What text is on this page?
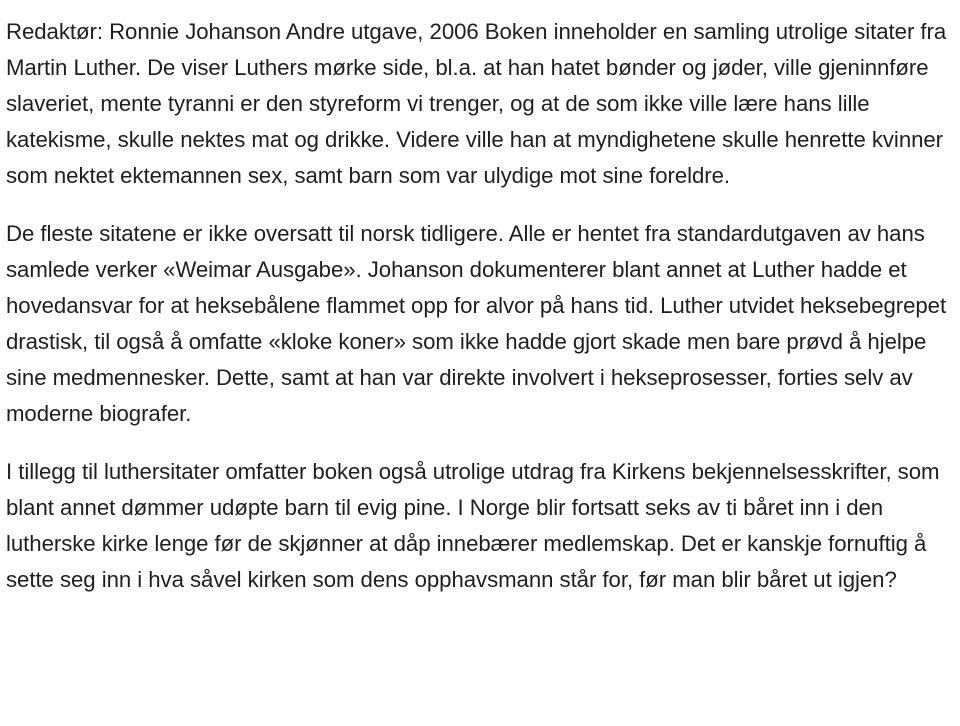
Redaktør: Ronnie Johanson Andre utgave, 2006 Boken inneholder en samling utrolige sitater fra Martin Luther. De viser Luthers mørke side, bl.a. at han hatet bønder og jøder, ville gjeninnføre slaveriet, mente tyranni er den styreform vi trenger, og at de som ikke ville lære hans lille katekisme, skulle nektes mat og drikke. Videre ville han at myndighetene skulle henrette kvinner som nektet ektemannen sex, samt barn som var ulydige mot sine foreldre.

De fleste sitatene er ikke oversatt til norsk tidligere. Alle er hentet fra standardutgaven av hans samlede verker «Weimar Ausgabe». Johanson dokumenterer blant annet at Luther hadde et hovedansvar for at heksebålene flammet opp for alvor på hans tid. Luther utvidet heksebegrepet drastisk, til også å omfatte «kloke koner» som ikke hadde gjort skade men bare prøvd å hjelpe sine medmennesker. Dette, samt at han var direkte involvert i hekseprosesser, forties selv av moderne biografer.

I tillegg til luthersitater omfatter boken også utrolige utdrag fra Kirkens bekjennelsesskrifter, som blant annet dømmer udøpte barn til evig pine. I Norge blir fortsatt seks av ti båret inn i den lutherske kirke lenge før de skjønner at dåp innebærer medlemskap. Det er kanskje fornuftig å sette seg inn i hva såvel kirken som dens opphavsmann står for, før man blir båret ut igjen?
